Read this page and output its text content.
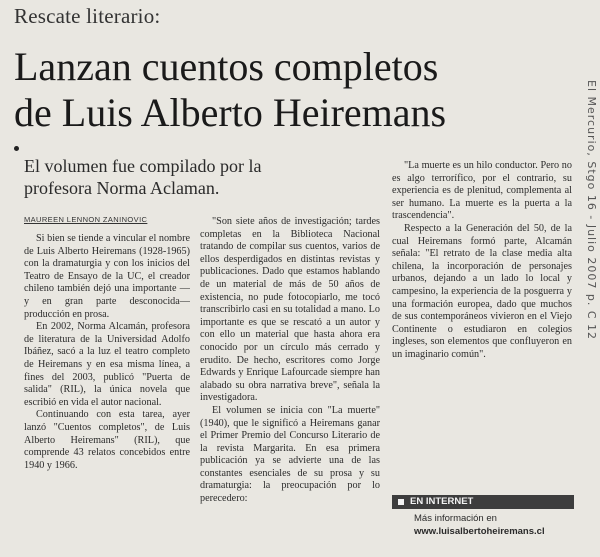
Rescate literario:
Lanzan cuentos completos
de Luis Alberto Heiremans
El volumen fue compilado por la
profesora Norma Aclaman.
MAUREEN LENNON ZANINOVIC

Si bien se tiende a vincular el nombre de Luis Alberto Heiremans (1928-1965) con la dramaturgia y con los inicios del Teatro de Ensayo de la UC, el creador chileno también dejó una importante —y en gran parte desconocida— producción en prosa.

En 2002, Norma Alcamán, profesora de literatura de la Universidad Adolfo Ibáñez, sacó a la luz el teatro completo de Heiremans y en esa misma línea, a fines del 2003, publicó "Puerta de salida" (RIL), la única novela que escribió en vida el autor nacional.

Continuando con esta tarea, ayer lanzó "Cuentos completos", de Luis Alberto Heiremans" (RIL), que comprende 43 relatos concebidos entre 1940 y 1966.

"Son siete años de investigación; tardes completas en la Biblioteca Nacional tratando de compilar sus cuentos, varios de ellos desperdigados en distintas revistas y publicaciones. Dado que estamos hablando de un material de más de 50 años de existencia, no pude fotocopiarlo, me tocó transcribirlo casi en su totalidad a mano. Lo importante es que se rescató a un autor y con ello un material que hasta ahora era conocido por un círculo más cerrado y erudito. De hecho, escritores como Jorge Edwards y Enrique Lafourcade siempre han alabado su obra narrativa breve", señala la investigadora.

El volumen se inicia con "La muerte" (1940), que le significó a Heiremans ganar el Primer Premio del Concurso Literario de la revista Margarita. En esa primera publicación ya se advierte una de las constantes esenciales de su prosa y su dramaturgia: la preocupación por lo perecedero:

"La muerte es un hilo conductor. Pero no es algo terrorífico, por el contrario, su experiencia es de plenitud, complementa al ser humano. La muerte es la puerta a la trascendencia".

Respecto a la Generación del 50, de la cual Heiremans formó parte, Alcamán señala: "El retrato de la clase media alta chilena, la incorporación de personajes urbanos, dejando a un lado lo local y campesino, la experiencia de la posguerra y una formación europea, dado que muchos de sus contemporáneos vivieron en el Viejo Continente o estudiaron en colegios ingleses, son elementos que confluyeron en un imaginario común".

EN INTERNET
Más información en
www.luisalbertoheiremans.cl
El Mercurio, Stgo 16 - Julio 2007 p. C 12
